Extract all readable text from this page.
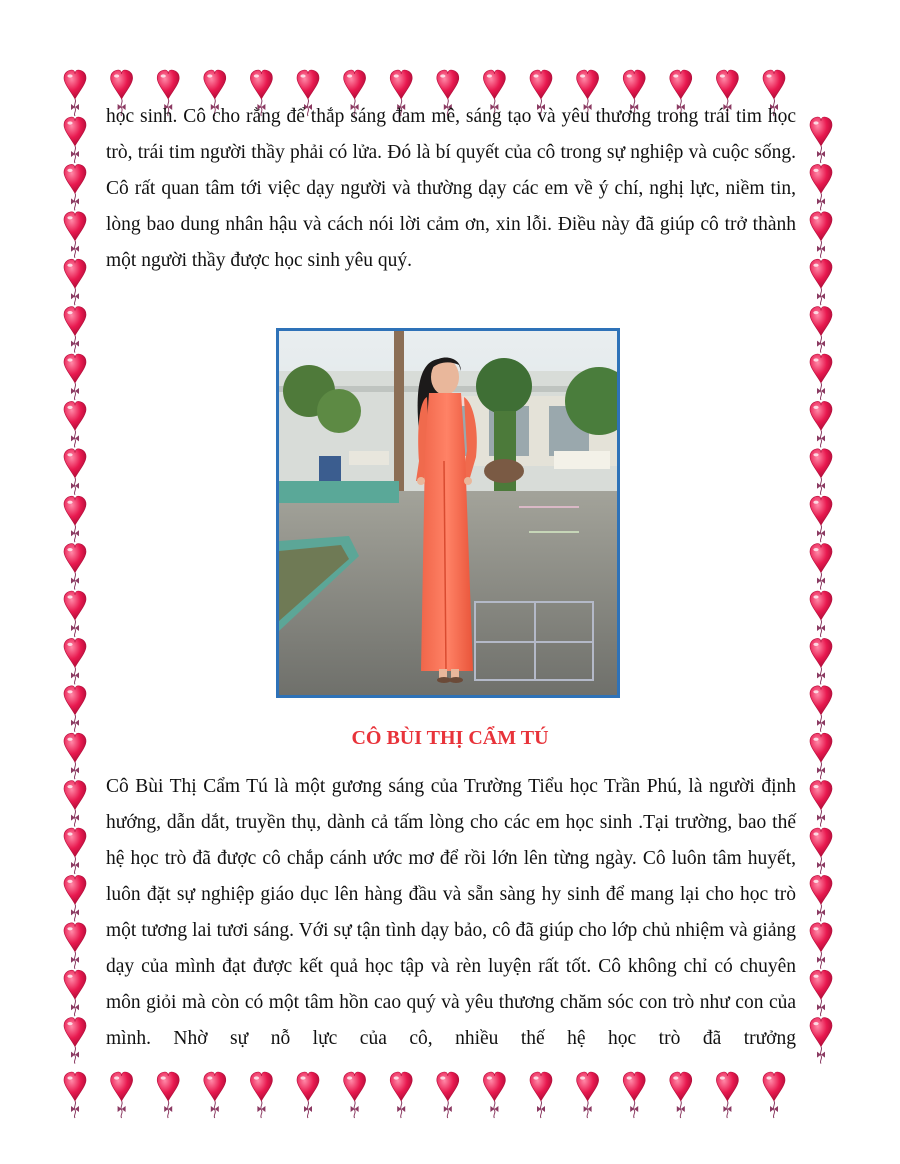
học sinh. Cô cho rằng để thắp sáng đam mê, sáng tạo và yêu thương trong trái tim học trò, trái tim người thầy phải có lửa. Đó là bí quyết của cô trong sự nghiệp và cuộc sống. Cô rất quan tâm tới việc dạy người và thường dạy các em về ý chí, nghị lực, niềm tin, lòng bao dung nhân hậu và cách nói lời cảm ơn, xin lỗi. Điều này đã giúp cô trở thành một người thầy được học sinh yêu quý.

CÔ BÙI THỊ CẨM TÚ

Cô Bùi Thị Cẩm Tú là một gương sáng của Trường Tiểu học Trần Phú, là người định hướng, dẫn dắt, truyền thụ, dành cả tấm lòng cho các em học sinh .Tại trường, bao thế hệ học trò đã được cô chắp cánh ước mơ để rồi lớn lên từng ngày. Cô luôn tâm huyết, luôn đặt sự nghiệp giáo dục lên hàng đầu và sẵn sàng hy sinh để mang lại cho học trò một tương lai tươi sáng. Với sự tận tình dạy bảo, cô đã giúp cho lớp chủ nhiệm và giảng dạy của mình đạt được kết quả học tập và rèn luyện rất tốt. Cô không chỉ có chuyên môn giỏi mà còn có một tâm hồn cao quý và yêu thương chăm sóc con trò như con của mình. Nhờ sự nỗ lực của cô, nhiều thế hệ học trò đã trưởng
